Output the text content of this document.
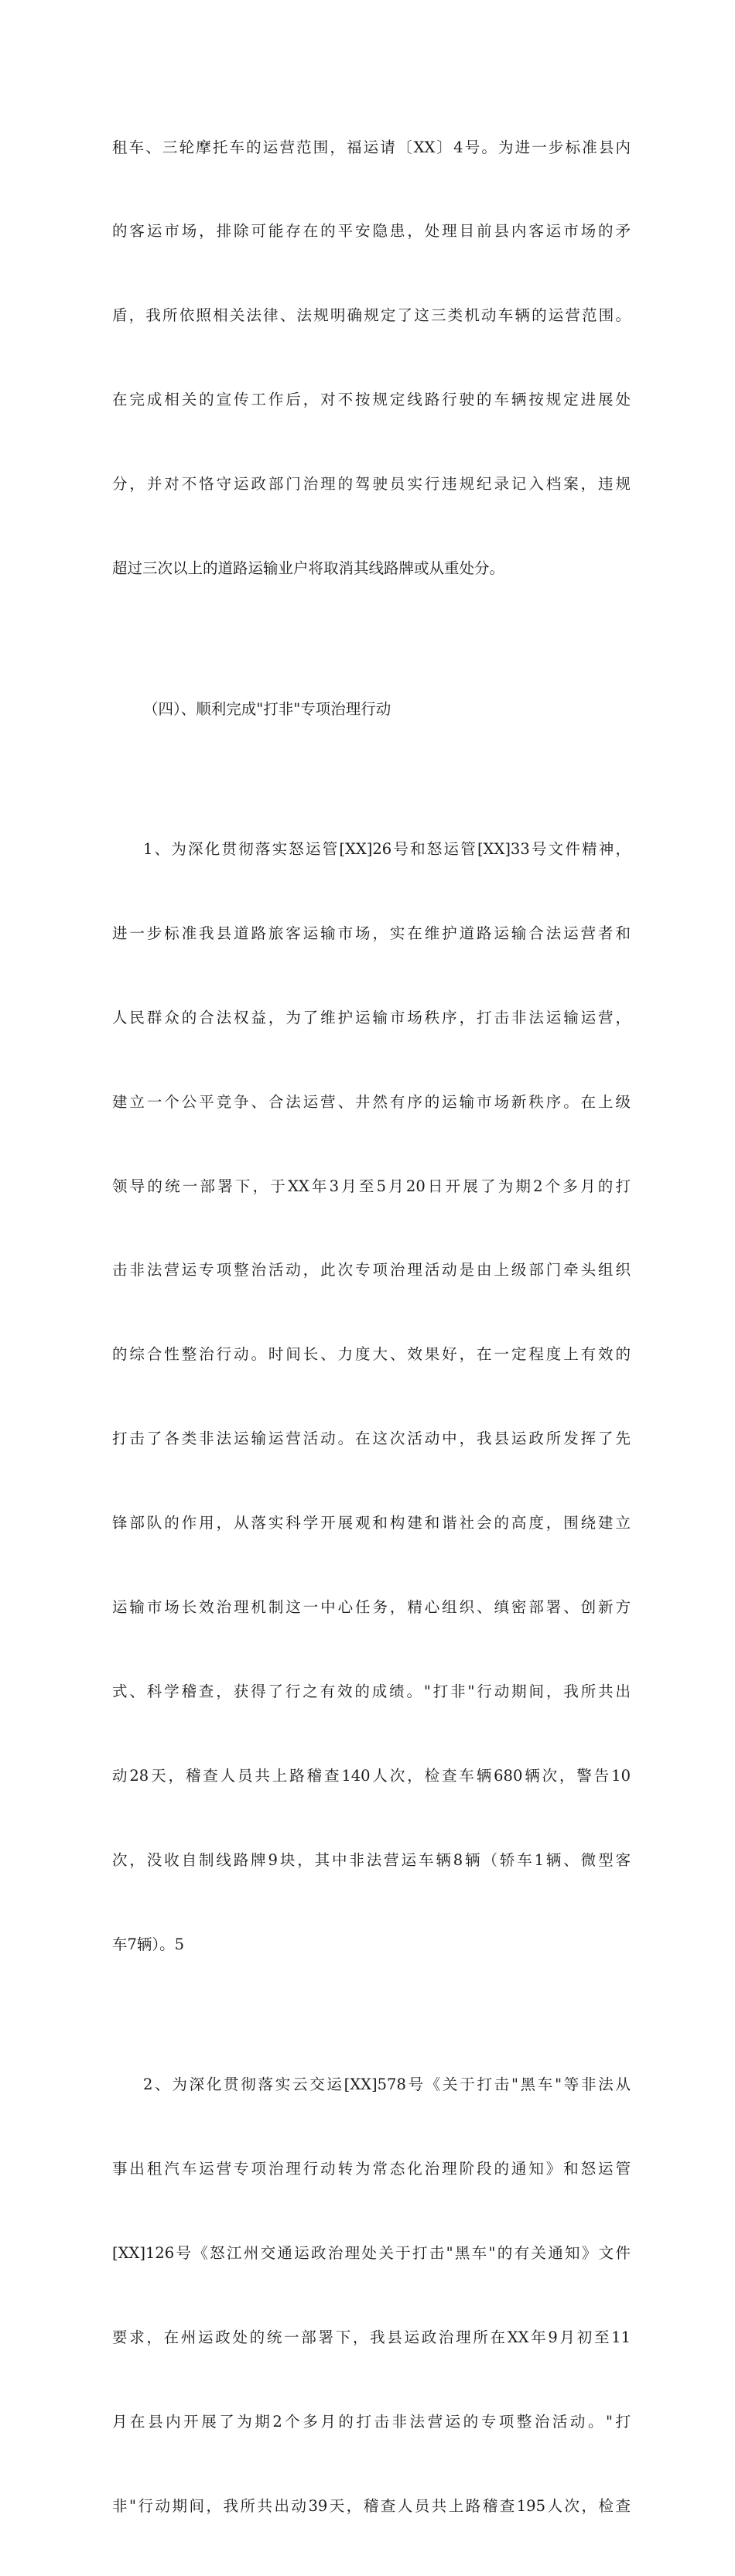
租车、三轮摩托车的运营范围，福运请〔XX〕4号。为进一步标准县内

的客运市场，排除可能存在的平安隐患，处理目前县内客运市场的矛

盾，我所依照相关法律、法规明确规定了这三类机动车辆的运营范围。

在完成相关的宣传工作后，对不按规定线路行驶的车辆按规定进展处

分，并对不恪守运政部门治理的驾驶员实行违规纪录记入档案，违规

超过三次以上的道路运输业户将取消其线路牌或从重处分。

（四）、顺利完成"打非"专项治理行动

1、为深化贯彻落实怒运管[XX]26号和怒运管[XX]33号文件精神，

进一步标准我县道路旅客运输市场，实在维护道路运输合法运营者和

人民群众的合法权益，为了维护运输市场秩序，打击非法运输运营，

建立一个公平竞争、合法运营、井然有序的运输市场新秩序。在上级

领导的统一部署下，于XX年3月至5月20日开展了为期2个多月的打

击非法营运专项整治活动，此次专项治理活动是由上级部门牵头组织

的综合性整治行动。时间长、力度大、效果好，在一定程度上有效的

打击了各类非法运输运营活动。在这次活动中，我县运政所发挥了先

锋部队的作用，从落实科学开展观和构建和谐社会的高度，围绕建立

运输市场长效治理机制这一中心任务，精心组织、缜密部署、创新方

式、科学稽查，获得了行之有效的成绩。"打非"行动期间，我所共出

动28天，稽查人员共上路稽查140人次，检查车辆680辆次，警告10

次，没收自制线路牌9块，其中非法营运车辆8辆（轿车1辆、微型客

车7辆）。5

2、为深化贯彻落实云交运[XX]578号《关于打击"黑车"等非法从

事出租汽车运营专项治理行动转为常态化治理阶段的通知》和怒运管

[XX]126号《怒江州交通运政治理处关于打击"黑车"的有关通知》文件

要求，在州运政处的统一部署下，我县运政治理所在XX年9月初至11

月在县内开展了为期2个多月的打击非法营运的专项整治活动。"打

非"行动期间，我所共出动39天，稽查人员共上路稽查195人次，检查
